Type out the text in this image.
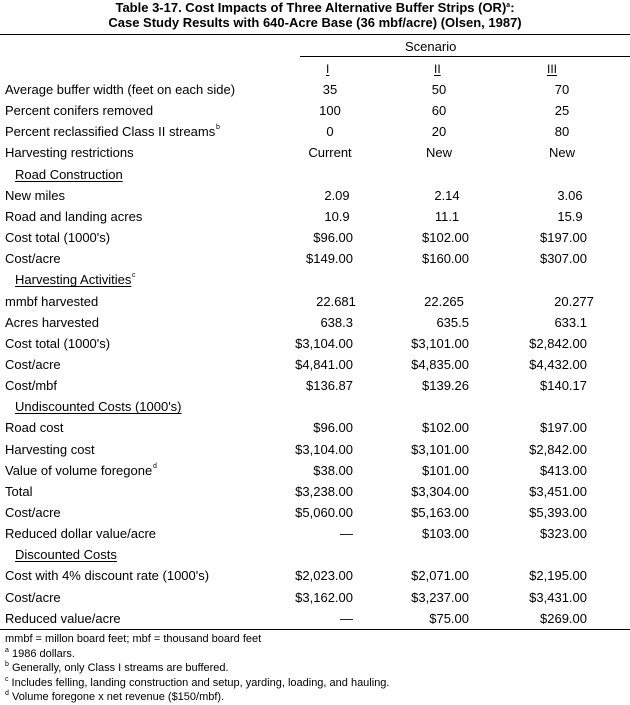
Table 3-17. Cost Impacts of Three Alternative Buffer Strips (OR)$^a$:
Case Study Results with 640-Acre Base (36 mbf/acre) (Olsen, 1987)
Scenario
I	II	III
Average buffer width (feet on each side)	35	50	70
Percent conifers removed	100	60	25
Percent reclassified Class II streams b	0	20	80
Harvesting restrictions	Current	New	New
Road Construction
New miles	2.09	2.14	3.06
Road and landing acres	10.9	11.1	15.9
Cost total (1000's)	$96.00	$102.00	$197.00
Cost/acre	$149.00	$160.00	$307.00
Harvesting Activities c
mmbf harvested	22.681	22.265	20.277
Acres harvested	638.3	635.5	633.1
Cost total (1000's)	$3,104.00	$3,101.00	$2,842.00
Cost/acre	$4,841.00	$4,835.00	$4,432.00
Cost/mbf	$136.87	$139.26	$140.17
Undiscounted Costs (1000's)
Road cost	$96.00	$102.00	$197.00
Harvesting cost	$3,104.00	$3,101.00	$2,842.00
Value of volume foregone d	$38.00	$101.00	$413.00
Total	$3,238.00	$3,304.00	$3,451.00
Cost/acre	$5,060.00	$5,163.00	$5,393.00
Reduced dollar value/acre	—	$103.00	$323.00
Discounted Costs
Cost with 4% discount rate (1000's)	$2,023.00	$2,071.00	$2,195.00
Cost/acre	$3,162.00	$3,237.00	$3,431.00
Reduced value/acre	—	$75.00	$269.00
mmbf = millon board feet; mbf = thousand board feet
$^a$ 1986 dollars.
$^b$ Generally, only Class I streams are buffered.
$^c$ Includes felling, landing construction and setup, yarding, loading, and hauling.
$^d$ Volume foregone x net revenue ($150/mbf).
